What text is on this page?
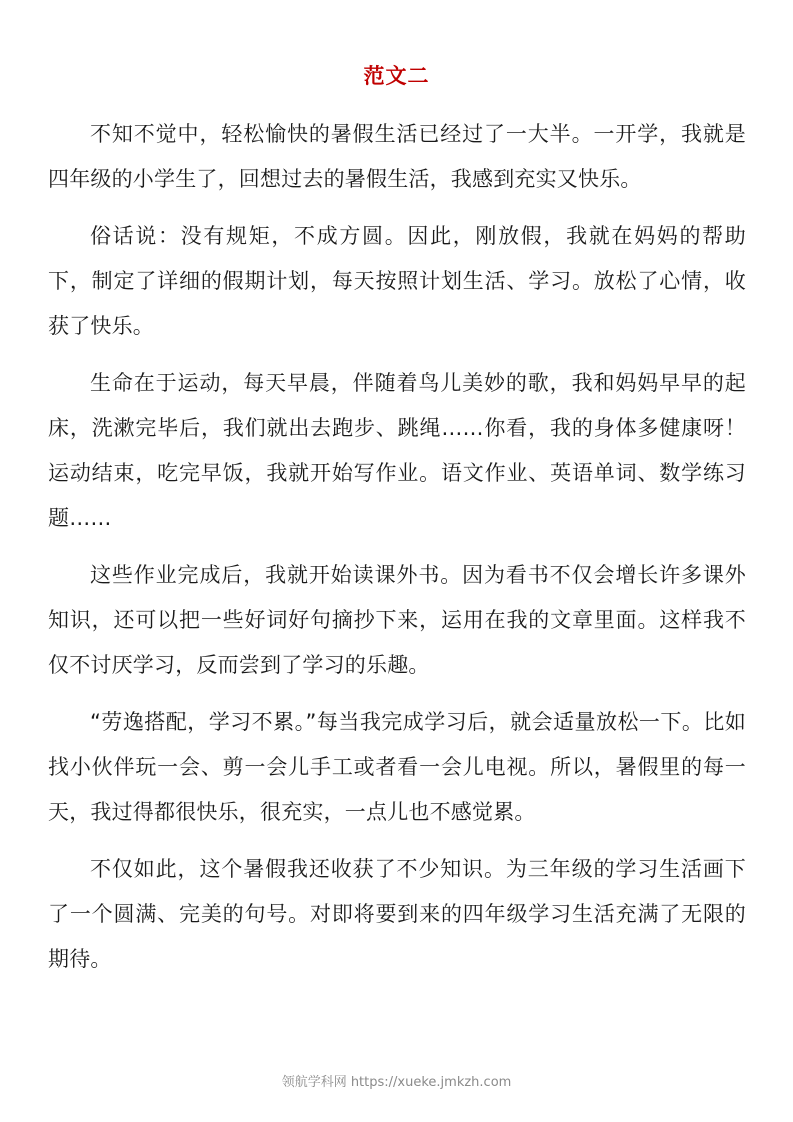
范文二

不知不觉中，轻松愉快的暑假生活已经过了一大半。一开学，我就是四年级的小学生了，回想过去的暑假生活，我感到充实又快乐。

俗话说：没有规矩，不成方圆。因此，刚放假，我就在妈妈的帮助下，制定了详细的假期计划，每天按照计划生活、学习。放松了心情，收获了快乐。

生命在于运动，每天早晨，伴随着鸟儿美妙的歌，我和妈妈早早的起床，洗漱完毕后，我们就出去跑步、跳绳……你看，我的身体多健康呀！运动结束，吃完早饭，我就开始写作业。语文作业、英语单词、数学练习题……

这些作业完成后，我就开始读课外书。因为看书不仅会增长许多课外知识，还可以把一些好词好句摘抄下来，运用在我的文章里面。这样我不仅不讨厌学习，反而尝到了学习的乐趣。

“劳逸搭配，学习不累。”每当我完成学习后，就会适量放松一下。比如找小伙伴玩一会、剪一会儿手工或者看一会儿电视。所以，暑假里的每一天，我过得都很快乐，很充实，一点儿也不感觉累。

不仅如此，这个暑假我还收获了不少知识。为三年级的学习生活画下了一个圆满、完美的句号。对即将要到来的四年级学习生活充满了无限的期待。

领航学科网 https://xueke.jmkzh.com
